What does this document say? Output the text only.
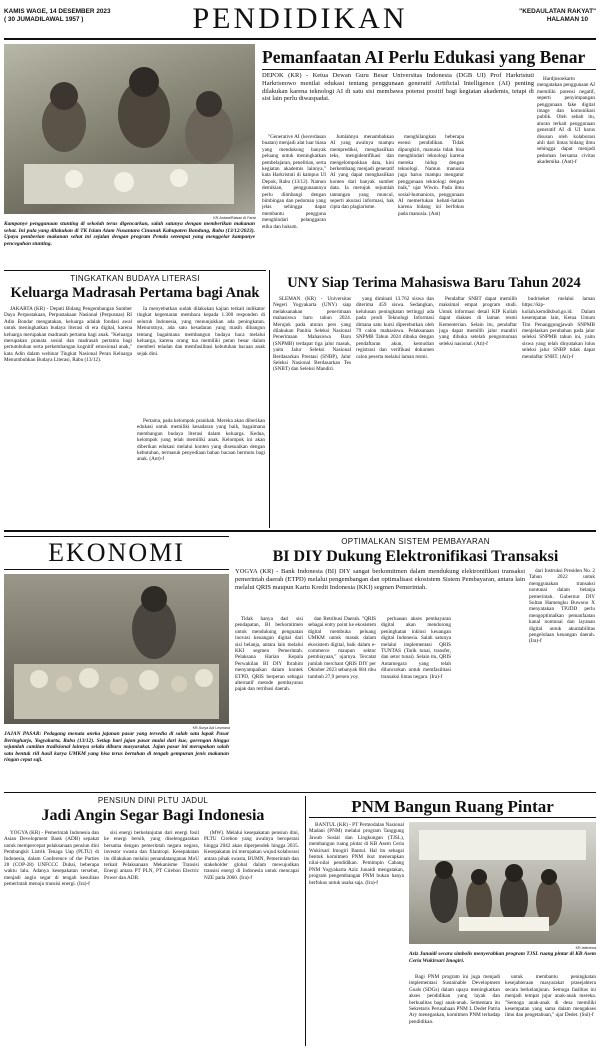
KAMIS WAGE, 14 DESEMBER 2023
( 30 JUMADILAWAL 1957 )	PENDIDIKAN	"KEDAULATAN RAKYAT"
HALAMAN 10
KR-Antara/Raisan Al Farisi
Kampanye penggunaan stunting di sekolah terus digencarkan, salah satunya dengan memberikan makanan sehat. Ini pula yang dilakukan di TK Islam Alam Nusantara Cinunuk Kabupaten Bandung, Rabu (13/12/2023). Upaya pemberian makanan sehat ini sejalan dengan program Pemda setempat yang menggelar kampanye pencegahan stunting.
Pemanfaatan AI Perlu Edukasi yang Benar
DEPOK (KR) - Ketua Dewan Guru Besar Universitas Indonesia (DGB UI) Prof Harkristuti Harkrisnowo menilai edukasi tentang penggunaan generatif Artificial Intelligence (AI) penting dilakukan karena teknologi AI di satu sisi membawa potensi positif bagi kegiatan akademis, tetapi di sisi lain perlu diwaspadai.
"Generative AI (kecerdasan buatan) menjadi alat luar biasa yang mendukung banyak peluang untuk meningkatkan pembelajaran, penelitian, serta kegiatan akademis lainnya," kata Harkristuti di kampus UI Depok, Rabu (13/12). Namun demikian, penggunaannya perlu diimbangi dengan bimbingan dan pedoman yang jelas sehingga dapat membantu pengguna menghindari pelanggaran etika dan hukum.
Jumlahnya menambahkan AI yang awalnya mampu memprediksi, menghasilkan teks, mengidentifikasi dan mengelompokkan data, kini berkembang menjadi generatif AI yang dapat menghasilkan konten dari banyak sumber data. Ia merujuk sejumlah tantangan yang muncul, seperti akurasi informasi, hak cipta dan plagiarisme.
menghilangkan beberapa esensi pendidikan. Tidak dipungkiri, manusia tidak bisa menghindari teknologi karena mereka hidup dengan teknologi. Namun manusia juga harus mampu mengatur penggunaan teknologi dengan baik," ujar Wiwin. Pada ilmu sosial-humaniora, penggunaan AI memerlukan kehati-hatian karena bidang ini berfokus pada manusia. (Ant)
Hardjosoekarto mengatakan penggunaan AI memiliki potensi negatif, seperti penyimpangan penggunaan fake digital image dan komunikasi publik. Oleh sebab itu, aturan terkait penggunaan generatif AI di UI harus disusun oleh kolaborasi ahli dari lintas bidang ilmu sehingga dapat menjadi pedoman bersama civitas akademika. (Ant)-f
TINGKATKAN BUDAYA LITERASI
Keluarga Madrasah Pertama bagi Anak
JAKARTA (KR) - Deputi Bidang Pengembangan Sumber Daya Perpustakaan, Perpustakaan Nasional (Perpusnas) RI Adin Bondar mengatakan, keluarga adalah fondasi awal untuk meningkatkan budaya literasi di era digital, karena keluarga merupakan madrasah pertama bagi anak. "Keluarga merupakan pranata sosial dan madrasah pertama bagi pertumbuhan serta perkembangan kognitif emosional anak," kata Adin dalam webinar Tingkat Nasional Peran Keluarga Menumbuhkan Budaya Literasi, Rabu (13/12).
Ia menyebutkan sudah dilakukan kajian terkait indikator tingkat kegemaran membaca kepada 1.300 responden di seluruh Indonesia, yang menunjukkan ada peningkatan. Menurutnya, ada satu kesadaran yang masih dibangun tentang bagaimana membangun budaya baca melalui keluarga, karena orang tua memiliki peran besar dalam memberi teladan dan memfasilitasi kebutuhan bacaan anak sejak dini.
Pertama, pada kelompok pranikah. Mereka akan diberikan edukasi untuk memiliki kesadaran yang baik, bagaimana membangun budaya literasi dalam keluarga. Kedua, kelompok yang telah memiliki anak. Kelompok ini akan diberikan edukasi melalui konten yang disesuaikan dengan kebutuhan, termasuk penyediaan bahan bacaan bermutu bagi anak. (Ant)-f
UNY Siap Terima Mahasiswa Baru Tahun 2024
SLEMAN (KR) - Universitas Negeri Yogyakarta (UNY) siap melaksanakan penerimaan mahasiswa baru tahun 2024. Merujuk pada aturan pers yang dilakukan Panitia Seleksi Nasional Penerimaan Mahasiswa Baru (SNPMB) terdapat tiga jalur masuk, yaitu Jalur Seleksi Nasional Berdasarkan Prestasi (SNBP), Jalur Seleksi Nasional Berdasarkan Tes (SNBT) dan Seleksi Mandiri.
yang diminati 13.762 siswa dan diterima 459 siswa. Sedangkan, kelulusan peningkatan tertinggi ada pada prodi Teknologi Informasi dimana satu kursi diperebutkan oleh 79 calon mahasiswa. Pelaksanaan SNPMB Tahun 2024 dibuka dengan pendaftaran akun, kemudian registrasi dan verifikasi dokumen calon peserta melalui laman resmi.
Pendaftar SNBT dapat memilih maksimal empat program studi. Untuk informasi detail KIP Kuliah dapat diakses di laman resmi Kementerian. Selain itu, pendaftar juga dapat memilih jalur mandiri yang dibuka setelah pengumuman seleksi nasional. (Ati)-f
budriseket melalui laman https://kip-kuliah.kemdikbud.go.id. Dalam kesempatan lain, Ketua Umum Tim Penanggungjawab SNPMB menjelaskan perubahan pada jalur seleksi SNPMB tahun ini, yaitu siswa yang telah dinyatakan lulus seleksi jalur SNBP tidak dapat mendaftar SNBT. (Ati)-f
EKONOMI
KR-Surya Adi Lesmana
JAJAN PASAR: Pedagang menata aneka jajanan pasar yang tersedia di salah satu lapak Pasar Beringharjo, Yogyakarta, Rabu (13/12). Setiap hari jajan pasar mulai dari kue, gorengan hingga sejumlah camilan tradisional lainnya selalu diburu masyarakat. Jajan pasar ini merupakan salah satu bentuk riil hasil karya UMKM yang bisa terus bertahan di tengah gempuran jenis makanan ringan cepat saji.
OPTIMALKAN SISTEM PEMBAYARAN
BI DIY Dukung Elektronifikasi Transaksi
YOGYA (KR) - Bank Indonesia (BI) DIY sangat berkomitmen dalam mendukung elektronifikasi transaksi pemerintah daerah (ETPD) melalui pengembangan dan optimalisasi ekosistem Sistem Pembayaran, antara lain melalui QRIS maupun Kartu Kredit Indonesia (KKI) segmen Pemerintah.
Tidak hanya dari sisi pendapatan, BI berkomitmen untuk mendukung penguatan inovasi keuangan digital dari sisi belanja, antara lain melalui KKI segmen Pemerintah. Pelaksana Harian Kepala Perwakilan BI DIY Ibrahim menyampaikan dalam kontek ETPD, QRIS berperan sebagai alternatif metode pembayaran pajak dan retribusi daerah.
dan Retribusi Daerah. "QRIS sebagai entry point ke ekosistem digital membuka peluang UMKM untuk masuk dalam ekosistem digital, baik dalam e-commerce maupun sektor pembiayaan," ujarnya. Tercatat jumlah merchant QRIS DIY per Oktober 2023 sebanyak 684 ribu tumbuh 27,9 persen yoy.
perluasan akses pembayaran digital akan mendorong peningkatan inklusi keuangan digital Indonesia. Salah satunya melalui implementasi QRIS TUNTAS (Tarik tunai, transfer, dan setor tunai). Selain itu, QRIS Antarnegara yang telah diluncurkan untuk memfasilitasi transaksi lintas negara. (Ira)-f
dari Instruksi Presiden No. 2 Tahun 2022 untuk menggunakan transaksi nontunai dalam belanja pemerintah. Gubernur DIY Sultan Hamengku Buwono X menyatakan TP2DD perlu mengoptimalkan pemanfaatan kanal nontunai dan layanan digital untuk akuntabilitas pengelolaan keuangan daerah. (Ira)-f
PENSIUN DINI PLTU JADUL
Jadi Angin Segar Bagi Indonesia
YOGYA (KR) - Pemerintah Indonesia dan Asian Development Bank (ADB) sepakat untuk mempercepat pelaksanaan pensiun dini Pembangkit Listrik Tenaga Uap (PLTU) di Indonesia, dalam Conference of the Parties 28 (COP-28) UNFCCC Dubai, beberapa waktu lalu. Adanya kesepakatan tersebut, menjadi angin segar di tengah kesulitan pemerintah menuju transisi energi. (Ira)-f
sisi energi berkelanjutan dari energi fosil ke energi bersih, yang diselenggarakan bersama dengan pemerintah negara negara, investor swasta dan filantropi. Kesepakatan itu dilakukan melalui penandatanganan MoU terkait Pelaksanaan Mekanisme Transisi Energi antara PT PLN, PT Cirebon Electric Power dan ADB.
(MW). Melalui kesepakatan pensiun dini, PLTU Cirebon yang awalnya beroperasi hingga 2042 akan diperpendek hingga 2035. Kesepakatan ini merupakan wujud kolaborasi antara pihak swasta, BUMN, Pemerintah dan stakeholder global dalam mewujudkan transisi energi di Indonesia untuk mencapai NZE pada 2060. (Ira)-f
PNM Bangun Ruang Pintar
BANTUL (KR) - PT Permodalan Nasional Madani (PNM) melalui program Tanggung Jawab Sosial dan Lingkungan (TJSL), membangun ruang pintar di KB Asem Ceria Wukirsari Imogiri Bantul. Hal itu sebagai bentuk komitmen PNM ikut menerapkan nilai-nilai pendidikan. Pemimpin Cabang PNM Yogyakarta Aziz Junaidi mengatakan, program pengembangan PNM bukan hanya berfokus untuk usaha saja. (Ira)-f
KR-Istimewa
Aziz Junaidi secara simbolis menyerahkan program TJSL ruang pintar di KB Asem Ceria Wukirsari Imogiri.
Bagi PNM program ini juga menjadi implementasi Sustainable Development Goals (SDGs) dalam upaya meningkatkan akses pendidikan yang layak dan berkualitas bagi anak-anak. Sementara itu Sekretaris Perusahaan PNM L Dedet Patria Ary menegaskan, komitmen PNM terhadap pendidikan.
untuk membantu peningkatan kesejahteraan masyarakat prasejahtera secara berkelanjutan. Semoga fasilitas ini menjadi tempat jujur anak-anak mereka. "Semoga anak-anak di desa memiliki kesempatan yang sama dalam mengakses ilmu dan pengetahuan," ujar Dedet. (Sul)-f
